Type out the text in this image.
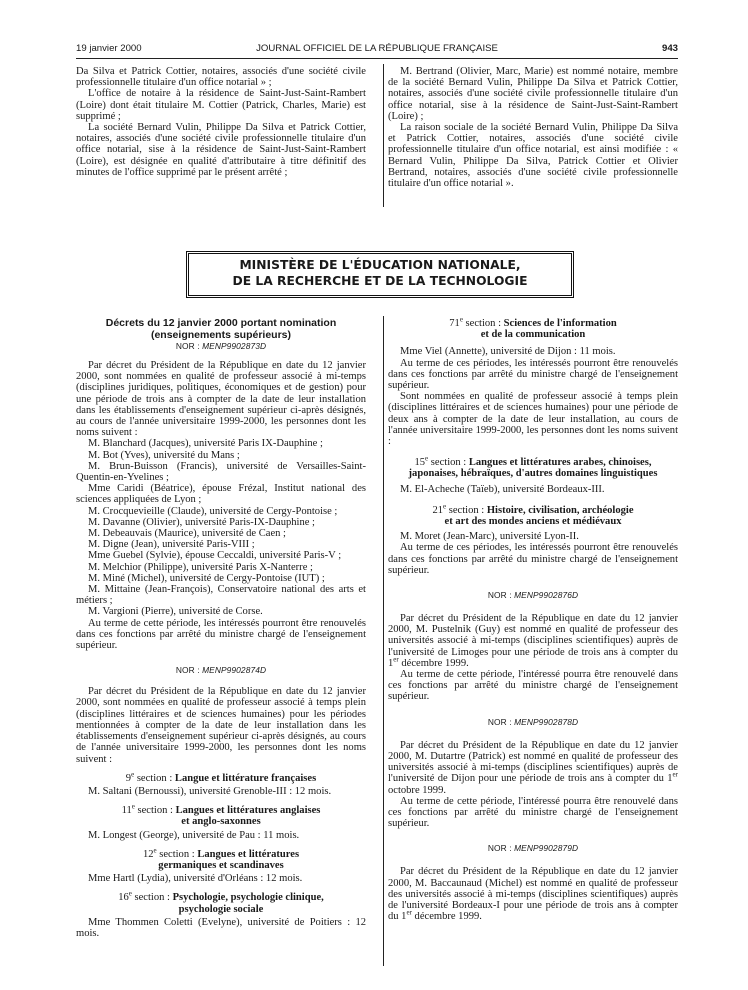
19 janvier 2000	JOURNAL OFFICIEL DE LA RÉPUBLIQUE FRANÇAISE	943

Da Silva et Patrick Cottier, notaires, associés d'une société civile professionnelle titulaire d'un office notarial » ;

L'office de notaire à la résidence de Saint-Just-Saint-Rambert (Loire) dont était titulaire M. Cottier (Patrick, Charles, Marie) est supprimé ;

La société Bernard Vulin, Philippe Da Silva et Patrick Cottier, notaires, associés d'une société civile professionnelle titulaire d'un office notarial, sise à la résidence de Saint-Just-Saint-Rambert (Loire), est désignée en qualité d'attributaire à titre définitif des minutes de l'office supprimé par le présent arrêté ;

M. Bertrand (Olivier, Marc, Marie) est nommé notaire, membre de la société Bernard Vulin, Philippe Da Silva et Patrick Cottier, notaires, associés d'une société civile professionnelle titulaire d'un office notarial, sise à la résidence de Saint-Just-Saint-Rambert (Loire) ;

La raison sociale de la société Bernard Vulin, Philippe Da Silva et Patrick Cottier, notaires, associés d'une société civile professionnelle titulaire d'un office notarial, est ainsi modifiée : « Bernard Vulin, Philippe Da Silva, Patrick Cottier et Olivier Bertrand, notaires, associés d'une société civile professionnelle titulaire d'un office notarial ».

MINISTÈRE DE L'ÉDUCATION NATIONALE,
DE LA RECHERCHE ET DE LA TECHNOLOGIE
Décrets du 12 janvier 2000 portant nomination
(enseignements supérieurs)
NOR : MENP9902873D

Par décret du Président de la République en date du 12 janvier 2000, sont nommées en qualité de professeur associé à mi-temps (disciplines juridiques, politiques, économiques et de gestion) pour une période de trois ans à compter de la date de leur installation dans les établissements d'enseignement supérieur ci-après désignés, au cours de l'année universitaire 1999-2000, les personnes dont les noms suivent :

M. Blanchard (Jacques), université Paris IX-Dauphine ;

M. Bot (Yves), université du Mans ;

M. Brun-Buisson (Francis), université de Versailles-Saint-Quentin-en-Yvelines ;

Mme Caridi (Béatrice), épouse Frézal, Institut national des sciences appliquées de Lyon ;

M. Crocquevieille (Claude), université de Cergy-Pontoise ;

M. Davanne (Olivier), université Paris-IX-Dauphine ;

M. Debeauvais (Maurice), université de Caen ;

M. Digne (Jean), université Paris-VIII ;

Mme Guebel (Sylvie), épouse Ceccaldi, université Paris-V ;

M. Melchior (Philippe), université Paris X-Nanterre ;

M. Miné (Michel), université de Cergy-Pontoise (IUT) ;

M. Mittaine (Jean-François), Conservatoire national des arts et métiers ;

M. Vargioni (Pierre), université de Corse.

Au terme de cette période, les intéressés pourront être renouvelés dans ces fonctions par arrêté du ministre chargé de l'enseignement supérieur.

NOR : MENP9902874D

Par décret du Président de la République en date du 12 janvier 2000, sont nommées en qualité de professeur associé à temps plein (disciplines littéraires et de sciences humaines) pour les périodes mentionnées à compter de la date de leur installation dans les établissements d'enseignement supérieur ci-après désignés, au cours de l'année universitaire 1999-2000, les personnes dont les noms suivent :

9e section : Langue et littérature françaises

M. Saltani (Bernoussi), université Grenoble-III : 12 mois.

11e section : Langues et littératures anglaises
et anglo-saxonnes

M. Longest (George), université de Pau : 11 mois.

12e section : Langues et littératures
germaniques et scandinaves

Mme Hartl (Lydia), université d'Orléans : 12 mois.

16e section : Psychologie, psychologie clinique,
psychologie sociale

Mme Thommen Coletti (Evelyne), université de Poitiers : 12 mois.

71e section : Sciences de l'information
et de la communication

Mme Viel (Annette), université de Dijon : 11 mois.

Au terme de ces périodes, les intéressés pourront être renouvelés dans ces fonctions par arrêté du ministre chargé de l'enseignement supérieur.

Sont nommées en qualité de professeur associé à temps plein (disciplines littéraires et de sciences humaines) pour une période de deux ans à compter de la date de leur installation, au cours de l'année universitaire 1999-2000, les personnes dont les noms suivent :

15e section : Langues et littératures arabes, chinoises,
japonaises, hébraïques, d'autres domaines linguistiques

M. El-Acheche (Taïeb), université Bordeaux-III.

21e section : Histoire, civilisation, archéologie
et art des mondes anciens et médiévaux

M. Moret (Jean-Marc), université Lyon-II.

Au terme de ces périodes, les intéressés pourront être renouvelés dans ces fonctions par arrêté du ministre chargé de l'enseignement supérieur.

NOR : MENP9902876D

Par décret du Président de la République en date du 12 janvier 2000, M. Pustelnik (Guy) est nommé en qualité de professeur des universités associé à mi-temps (disciplines scientifiques) auprès de l'université de Limoges pour une période de trois ans à compter du 1er décembre 1999.

Au terme de cette période, l'intéressé pourra être renouvelé dans ces fonctions par arrêté du ministre chargé de l'enseignement supérieur.

NOR : MENP9902878D

Par décret du Président de la République en date du 12 janvier 2000, M. Dutartre (Patrick) est nommé en qualité de professeur des universités associé à mi-temps (disciplines scientifiques) auprès de l'université de Dijon pour une période de trois ans à compter du 1er octobre 1999.

Au terme de cette période, l'intéressé pourra être renouvelé dans ces fonctions par arrêté du ministre chargé de l'enseignement supérieur.

NOR : MENP9902879D

Par décret du Président de la République en date du 12 janvier 2000, M. Baccaunaud (Michel) est nommé en qualité de professeur des universités associé à mi-temps (disciplines scientifiques) auprès de l'université Bordeaux-I pour une période de trois ans à compter du 1er décembre 1999.
